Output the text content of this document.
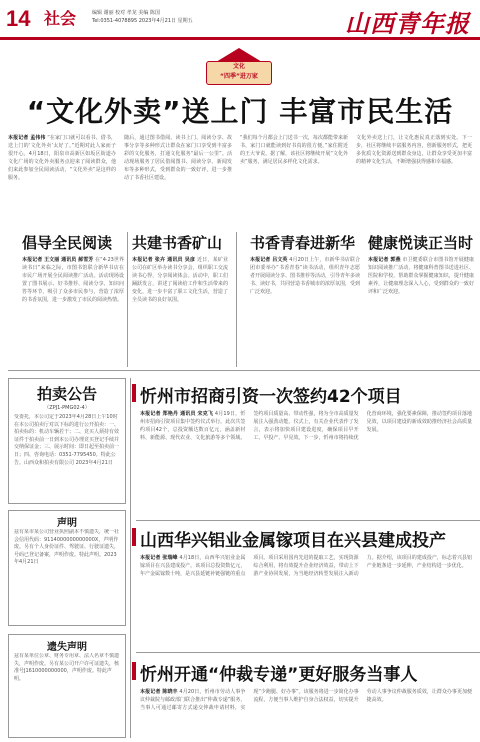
14 社会	编辑 谢丽 校对 孝龙 美编 陈国
Tel:0351-4078895 2023年4月21日 星期五	山西青年报
文化
“四季”进万家
“文化外卖”送上门 丰富市民生活
本报记者 孟伟伟 “在家门口就可以看书、借书，送上门的‘文化外卖’太好了。”近期对此人家而子很开心。4月18日，阳泉市高新区如坂区街道办文化广场的文化外卖服务点迎来了阅读群众，他们来此参加全民阅读活动，“文化外卖”是这样的服务。
随后，通过图书借阅、读书上门、阅读分享、故事分享等多种形式让群众在家门口享受到丰富多彩的文化服务，打通文化服务“最后一公里”。活动现场服务了居民借阅图书、阅读分享、新闻发布等多种形式，受到群众的一致好评，进一步推动了书香社区建设。
“我们每个月都会上门送书一次，每次都能带来新书，家门口就能读到好书真的很方便。”家住附近的王大爷说。据了解，该社区将继续开展“文化外卖”服务，满足居民多样化文化需求。
文化外卖送上门，让文化惠民真正落到实处。下一步，社区将继续丰富服务内容，创新服务形式，把更多优质文化资源送到群众身边，让群众享受更加丰富的精神文化生活，不断增强获得感和幸福感。
倡导全民阅读
本报记者 王文丽 通讯员 郝雪芳 在“4·23世界读书日”来临之际，市图书馆联合新华书店在市民广场开展全民阅读推广活动。活动现场设置了图书展示、好书推荐、阅读分享、知识问答等环节，吸引了众多市民参与，营造了浓厚的书香氛围，进一步激发了市民的阅读热情。
共建书香矿山
本报记者 张卉 通讯员 吴彦 近日，某矿业公司在矿区举办读书分享会，组织职工交流读书心得，分享阅读体会。活动中，职工们踊跃发言，讲述了阅读给工作和生活带来的变化，进一步丰富了职工文化生活，营造了全员读书的良好氛围。
书香青春进新华
本报记者 吕文英 4月20日上午，市新华书店联合团市委举办“书香青春”读书活动，组织青年志愿者开展阅读分享、图书推荐等活动，引导青年多读书、读好书，共同营造书香城市的浓厚氛围，受到广泛欢迎。
健康悦读正当时
本报记者 郭燕 市卫健委联合市图书馆开展健康知识阅读推广活动，将健康科普图书送进社区、医院和学校，帮助群众掌握健康知识，提升健康素养，让健康理念深入人心，受到群众的一致好评和广泛欢迎。
拍卖公告
（ZPJ1-PMG02-4）
受委托，本公司定于2023年4月28日上午10时在本公司拍卖厅对以下标的进行公开拍卖：一、拍卖标的：机动车辆若干；二、竞买人须持有效证件于拍卖前一日到本公司办理竞买登记手续并交纳保证金；三、展示时间：即日起至拍卖前一日；四、咨询电话：0351-7795450。特此公告。山西众和拍卖有限公司 2023年4月21日
声明
兹有某市某公司营业执照副本不慎遗失，统一社会信用代码：9114000000000000X，声明作废。另有个人身份证件、驾驶证、行驶证遗失，号码已登记备案，声明作废。特此声明。2023年4月21日
遗失声明
兹有某单位公章、财务专用章、法人名章不慎遗失，声明作废。另有某公司开户许可证遗失，核准号J1610000000000，声明作废。特此声明。
忻州市招商引资一次签约42个项目
本报记者 郑艳丹 通讯员 宋克飞 4月19日，忻州市招商引资项目集中签约仪式举行。此次共签约项目42个，总投资额达数百亿元，涵盖新材料、新能源、现代农业、文化旅游等多个领域。签约项目质量高、带动性强，将为全市高质量发展注入强劲动能。仪式上，有关企业代表作了发言，表示将加快项目建设进度，确保项目早开工、早投产、早见效。下一步，忻州市将持续优化营商环境，强化要素保障，推动签约项目落地见效，以项目建设的新成效助推经济社会高质量发展。
山西华兴铝业金属镓项目在兴县建成投产
本报记者 张瑞峰 4月18日，山西华兴铝业金属镓项目在兴县建成投产。该项目总投资数亿元，年产金属镓数十吨，是兴县延链补链强链的重点项目。项目采用国内先进的提取工艺，实现资源综合利用，将有效提升企业经济效益，带动上下游产业协同发展，为当地经济转型发展注入新动力。据介绍，该项目的建成投产，标志着兴县铝产业链条进一步延伸，产业结构进一步优化。
忻州开通“仲裁专递”更好服务当事人
本报记者 陈晓丰 4月20日，忻州市劳动人事争议仲裁院与邮政部门联合推出“仲裁专递”服务，当事人可通过邮寄方式递交仲裁申请材料，实现“少跑腿、好办事”。该服务将进一步简化办事流程，方便当事人维护自身合法权益，切实提升劳动人事争议仲裁服务质效，让群众办事更加便捷高效。
